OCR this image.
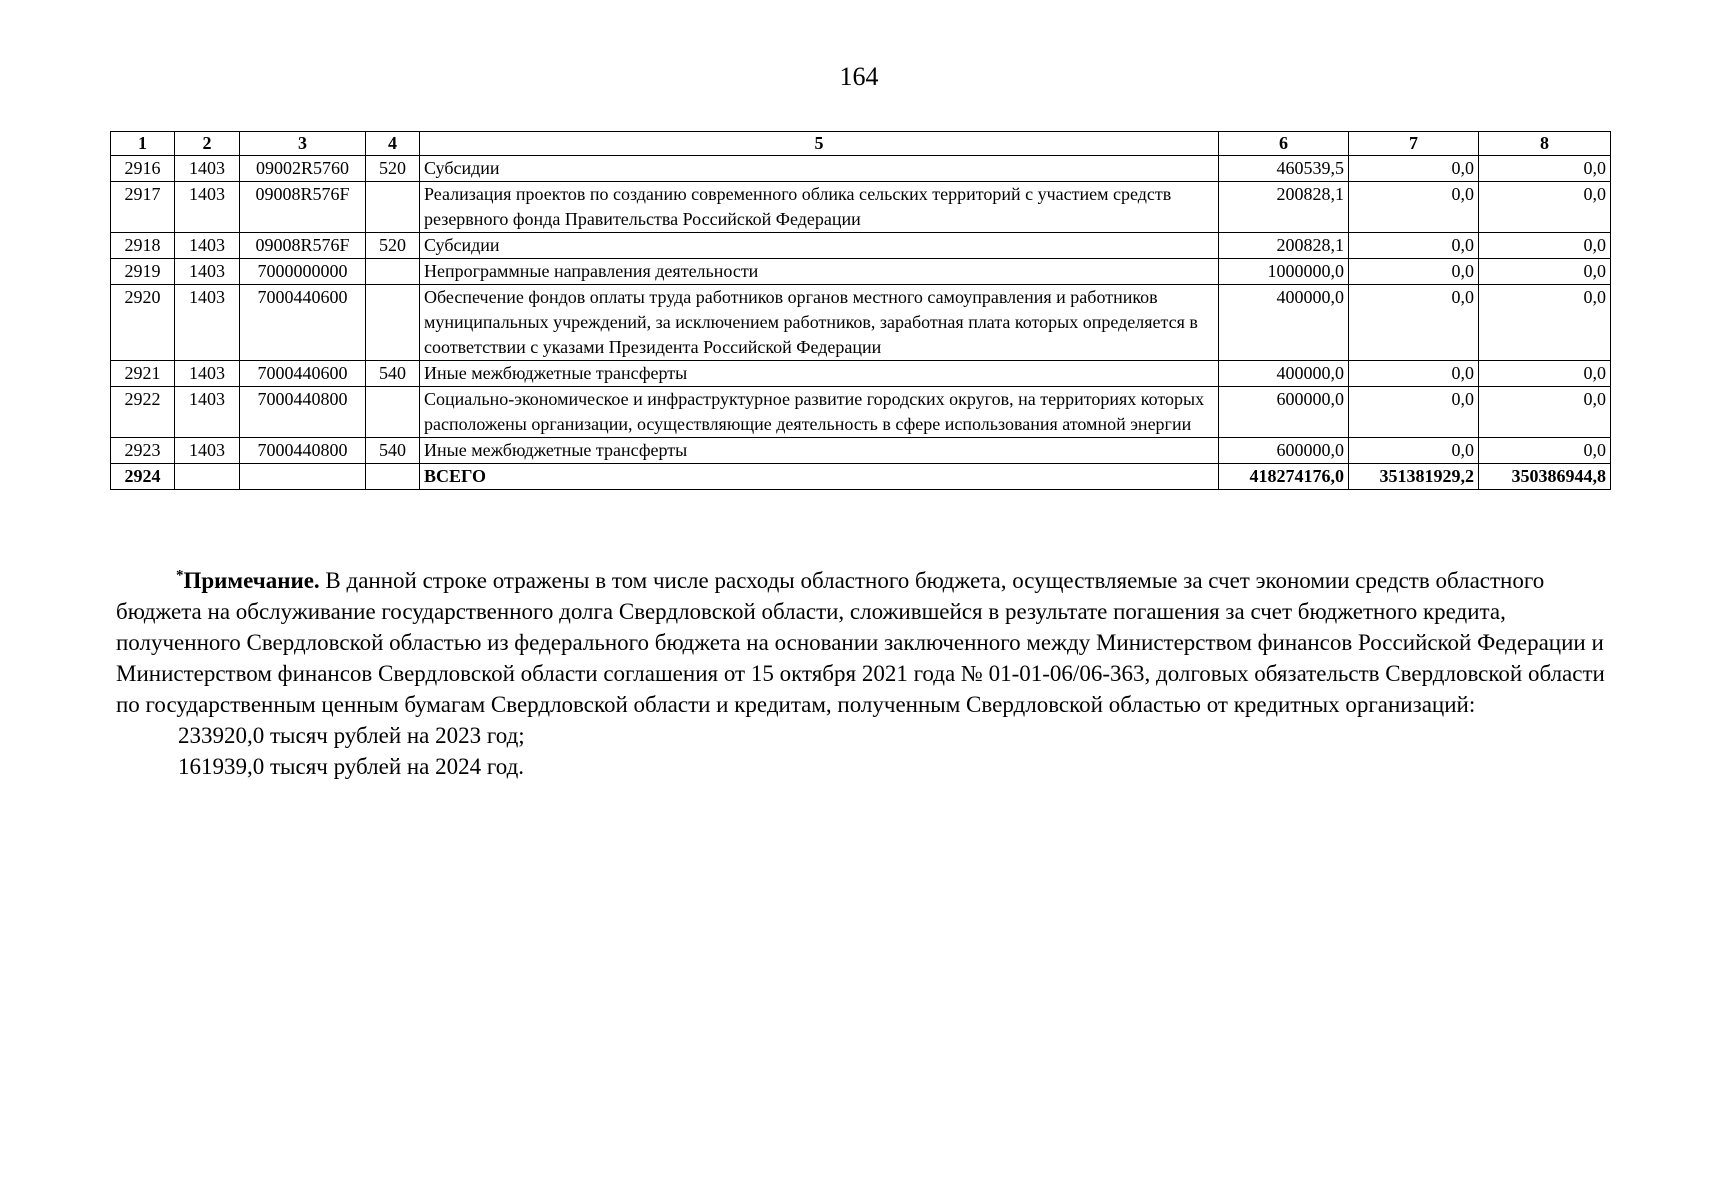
164
1	2	3	4	5	6	7	8
2916	1403	09002R5760	520	Субсидии	460539,5	0,0	0,0
2917	1403	09008R576F		Реализация проектов по созданию современного облика сельских территорий с участием средств резервного фонда Правительства Российской Федерации	200828,1	0,0	0,0
2918	1403	09008R576F	520	Субсидии	200828,1	0,0	0,0
2919	1403	7000000000		Непрограммные направления деятельности	1000000,0	0,0	0,0
2920	1403	7000440600		Обеспечение фондов оплаты труда работников органов местного самоуправления и работников муниципальных учреждений, за исключением работников, заработная плата которых определяется в соответствии с указами Президента Российской Федерации	400000,0	0,0	0,0
2921	1403	7000440600	540	Иные межбюджетные трансферты	400000,0	0,0	0,0
2922	1403	7000440800		Социально-экономическое и инфраструктурное развитие городских округов, на территориях которых расположены организации, осуществляющие деятельность в сфере использования атомной энергии	600000,0	0,0	0,0
2923	1403	7000440800	540	Иные межбюджетные трансферты	600000,0	0,0	0,0
2924				ВСЕГО	418274176,0	351381929,2	350386944,8

*Примечание. В данной строке отражены в том числе расходы областного бюджета, осуществляемые за счет экономии средств областного бюджета на обслуживание государственного долга Свердловской области, сложившейся в результате погашения за счет бюджетного кредита, полученного Свердловской областью из федерального бюджета на основании заключенного между Министерством финансов Российской Федерации и Министерством финансов Свердловской области соглашения от 15 октября 2021 года № 01-01-06/06-363, долговых обязательств Свердловской области по государственным ценным бумагам Свердловской области и кредитам, полученным Свердловской областью от кредитных организаций:

233920,0 тысяч рублей на 2023 год;

161939,0 тысяч рублей на 2024 год.
